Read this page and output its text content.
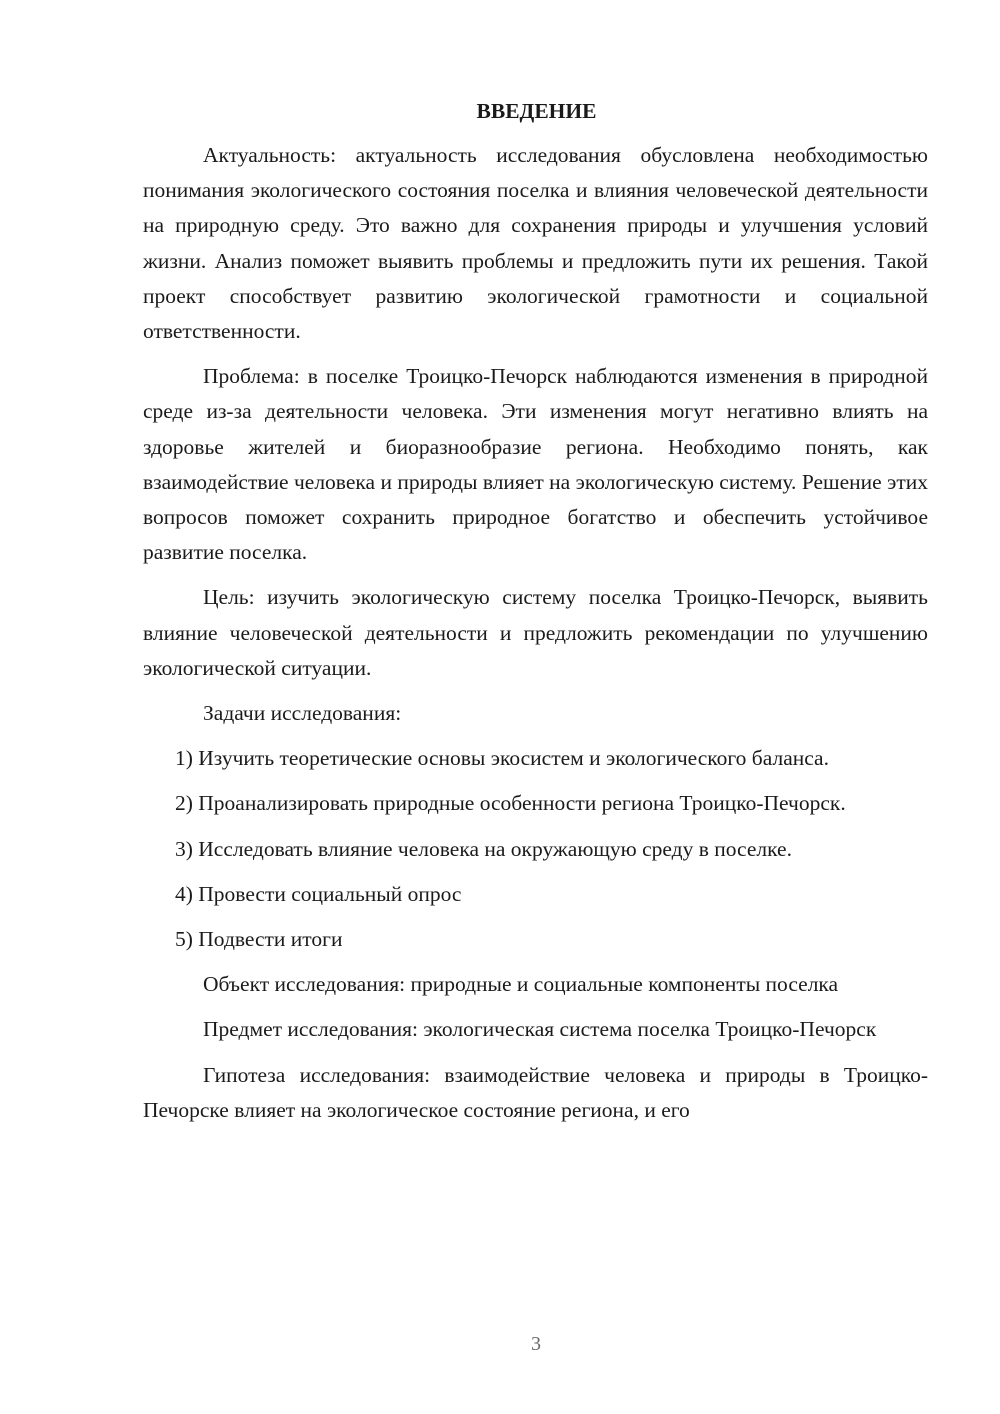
ВВЕДЕНИЕ

Актуальность: актуальность исследования обусловлена необходимостью понимания экологического состояния поселка и влияния человеческой деятельности на природную среду. Это важно для сохранения природы и улучшения условий жизни. Анализ поможет выявить проблемы и предложить пути их решения. Такой проект способствует развитию экологической грамотности и социальной ответственности.

Проблема: в поселке Троицко-Печорск наблюдаются изменения в природной среде из-за деятельности человека. Эти изменения могут негативно влиять на здоровье жителей и биоразнообразие региона. Необходимо понять, как взаимодействие человека и природы влияет на экологическую систему. Решение этих вопросов поможет сохранить природное богатство и обеспечить устойчивое развитие поселка.

Цель: изучить экологическую систему поселка Троицко-Печорск, выявить влияние человеческой деятельности и предложить рекомендации по улучшению экологической ситуации.

Задачи исследования:

1) Изучить теоретические основы экосистем и экологического баланса.

2) Проанализировать природные особенности региона Троицко-Печорск.

3) Исследовать влияние человека на окружающую среду в поселке.

4) Провести социальный опрос

5) Подвести итоги

Объект исследования: природные и социальные компоненты поселка

Предмет исследования: экологическая система поселка Троицко-Печорск

Гипотеза исследования: взаимодействие человека и природы в Троицко-Печорске влияет на экологическое состояние региона, и его

3
